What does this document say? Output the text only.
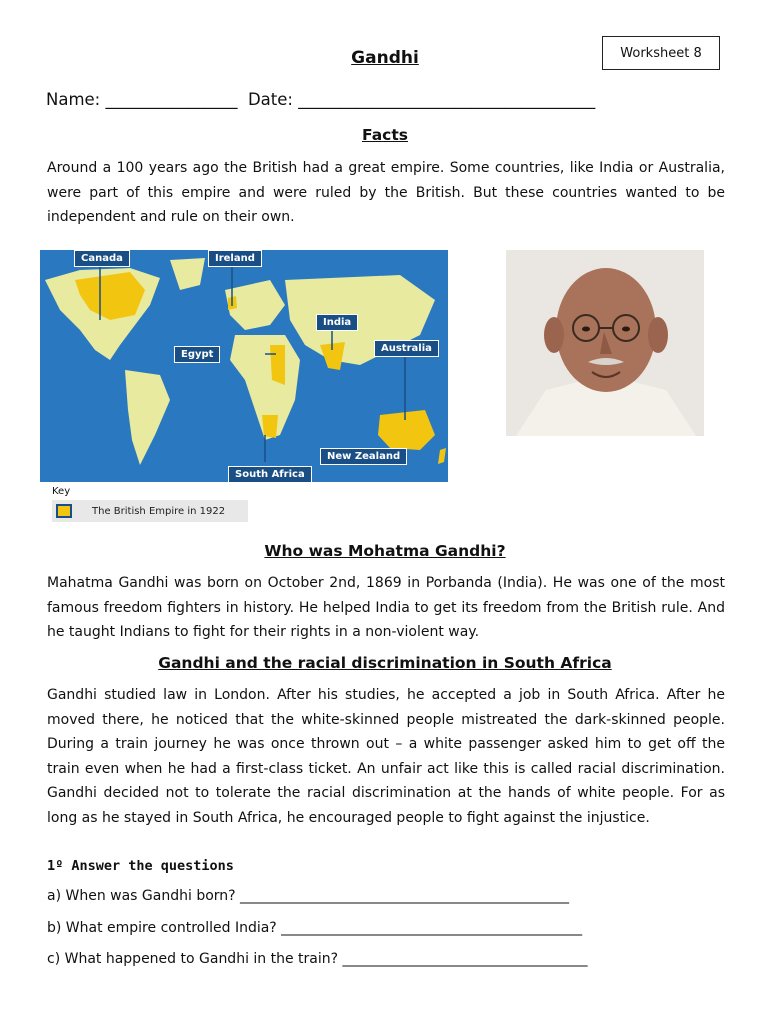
Gandhi	Worksheet 8
Name: ________________  Date: ____________________________________
Facts
Around a 100 years ago the British had a great empire. Some countries, like India or Australia, were part of this empire and were ruled by the British. But these countries wanted to be independent and rule on their own.
Canada	Ireland
India
Egypt
Australia
New Zealand
South Africa
Key
The British Empire in 1922
Who was Mohatma Gandhi?
Mahatma Gandhi was born on October 2nd, 1869 in Porbanda (India). He was one of the most famous freedom fighters in history. He helped India to get its freedom from the British rule. And he taught Indians to fight for their rights in a non-violent way.
Gandhi and the racial discrimination in South Africa
Gandhi studied law in London. After his studies, he accepted a job in South Africa. After he moved there, he noticed that the white-skinned people mistreated the dark-skinned people. During a train journey he was once thrown out – a white passenger asked him to get off the train even when he had a first-class ticket. An unfair act like this is called racial discrimination. Gandhi decided not to tolerate the racial discrimination at the hands of white people. For as long as he stayed in South Africa, he encouraged people to fight against the injustice.
1º Answer the questions
a) When was Gandhi born? _______________________________________________
b) What empire controlled India? ___________________________________________
c) What happened to Gandhi in the train? ___________________________________
